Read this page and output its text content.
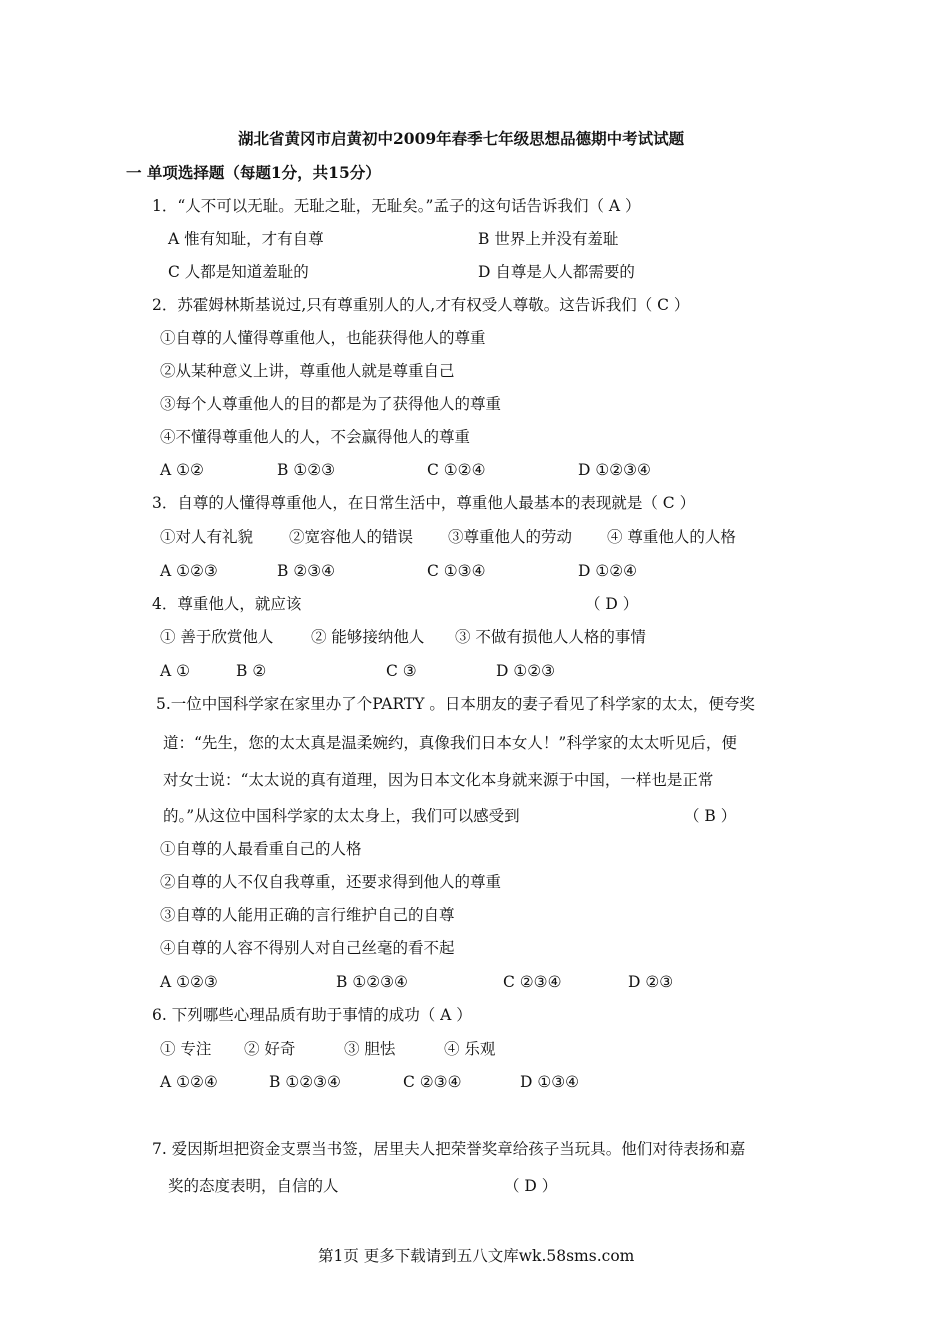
湖北省黄冈市启黄初中2009年春季七年级思想品德期中考试试题
一 单项选择题（每题1分，共15分）
1．“人不可以无耻。无耻之耻，无耻矣。”孟子的这句话告诉我们（ A ）
A 惟有知耻，才有自尊	B 世界上并没有羞耻
C 人都是知道羞耻的	D 自尊是人人都需要的
2．苏霍姆林斯基说过,只有尊重别人的人,才有权受人尊敬。这告诉我们（ C ）
①自尊的人懂得尊重他人，也能获得他人的尊重
②从某种意义上讲，尊重他人就是尊重自己
③每个人尊重他人的目的都是为了获得他人的尊重
④不懂得尊重他人的人，不会赢得他人的尊重
A ①②	B ①②③	C ①②④	D ①②③④
3．自尊的人懂得尊重他人，在日常生活中，尊重他人最基本的表现就是（ C ）
①对人有礼貌 ②宽容他人的错误 ③尊重他人的劳动 ④ 尊重他人的人格
A ①②③	B ②③④	C ①③④	D ①②④
4．尊重他人，就应该	（ D ）
① 善于欣赏他人 ② 能够接纳他人 ③ 不做有损他人人格的事情
A ①	B ②	C ③	D ①②③
5.一位中国科学家在家里办了个PARTY 。日本朋友的妻子看见了科学家的太太，便夸奖
道：“先生，您的太太真是温柔婉约，真像我们日本女人！”科学家的太太听见后，便
对女士说：“太太说的真有道理，因为日本文化本身就来源于中国，一样也是正常
的。”从这位中国科学家的太太身上，我们可以感受到	（ B ）
①自尊的人最看重自己的人格
②自尊的人不仅自我尊重，还要求得到他人的尊重
③自尊的人能用正确的言行维护自己的自尊
④自尊的人容不得别人对自己丝毫的看不起
A ①②③	B ①②③④	C ②③④	D ②③
6. 下列哪些心理品质有助于事情的成功（ A ）
① 专注 ② 好奇	③ 胆怯	④ 乐观
A ①②④	B ①②③④	C ②③④	D ①③④
7. 爱因斯坦把资金支票当书签，居里夫人把荣誉奖章给孩子当玩具。他们对待表扬和嘉
奖的态度表明，自信的人	（ D ）
第1页 更多下载请到五八文库wk.58sms.com
